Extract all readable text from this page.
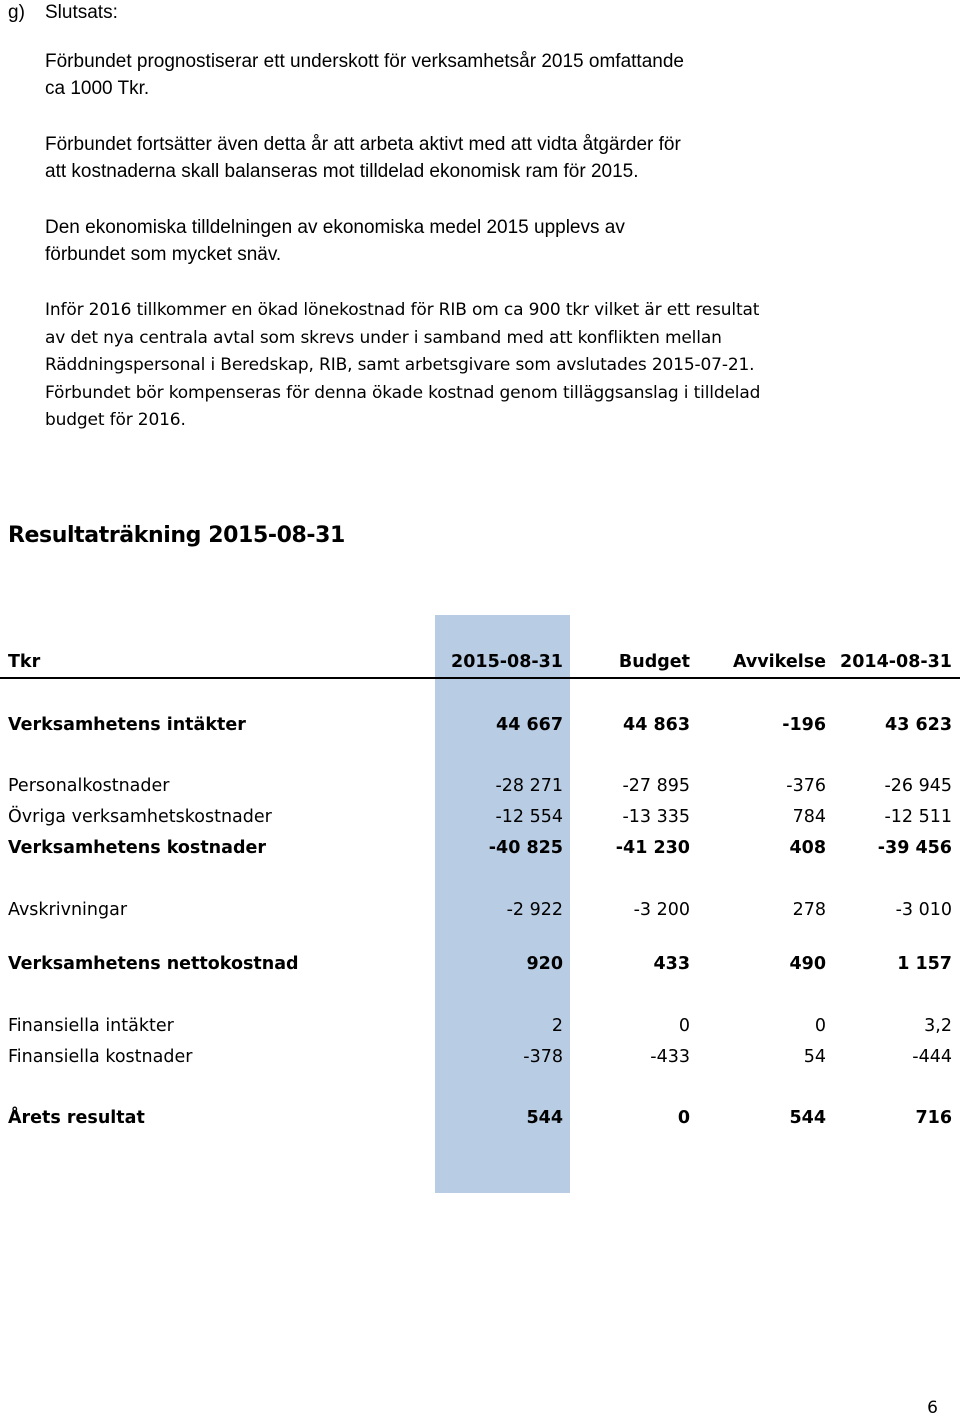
g) Slutsats:

Förbundet prognostiserar ett underskott för verksamhetsår 2015 omfattande
ca 1000 Tkr.

Förbundet fortsätter även detta år att arbeta aktivt med att vidta åtgärder för
att kostnaderna skall balanseras mot tilldelad ekonomisk ram för 2015.

Den ekonomiska tilldelningen av ekonomiska medel 2015 upplevs av
förbundet som mycket snäv.

Inför 2016 tillkommer en ökad lönekostnad för RIB om ca 900 tkr vilket är ett resultat
av det nya centrala avtal som skrevs under i samband med att konflikten mellan
Räddningspersonal i Beredskap, RIB, samt arbetsgivare som avslutades 2015-07-21.
Förbundet bör kompenseras för denna ökade kostnad genom tilläggsanslag i tilldelad
budget för 2016.

Resultaträkning 2015-08-31
Tkr	2015-08-31	Budget Avvikelse 2014-08-31
Verksamhetens intäkter	44 667	44 863	-196	43 623
Personalkostnader	-28 271	-27 895	-376	-26 945
Övriga verksamhetskostnader	-12 554	-13 335	784	-12 511
Verksamhetens kostnader	-40 825	-41 230	408	-39 456
Avskrivningar	-2 922	-3 200	278	-3 010
Verksamhetens nettokostnad	920	433	490	1 157
Finansiella intäkter	2	0	0	3,2
Finansiella kostnader	-378	-433	54	-444
Årets resultat	544	0	544	716
6
